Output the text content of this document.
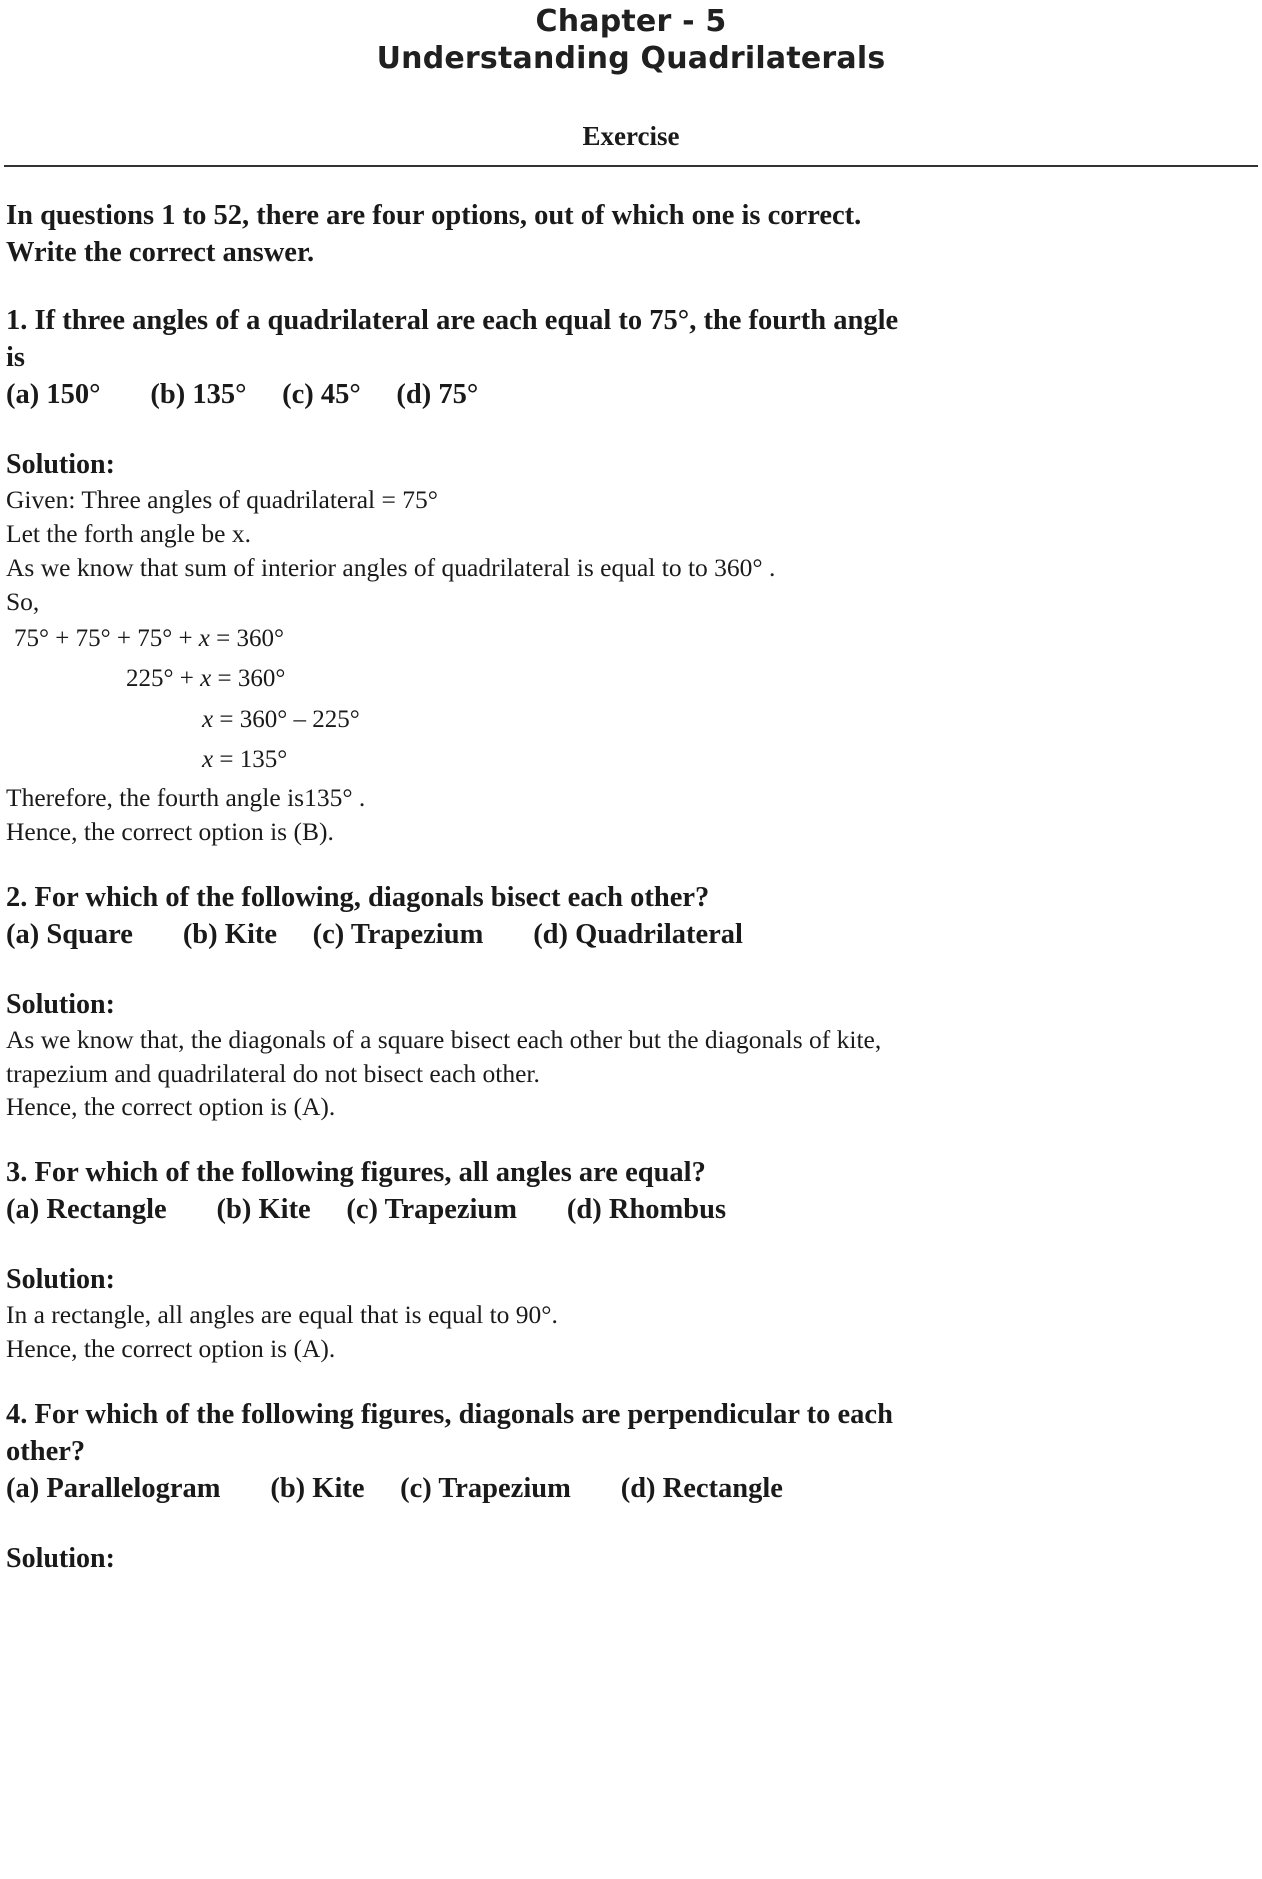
Chapter - 5
Understanding Quadrilaterals
Exercise
In questions 1 to 52, there are four options, out of which one is correct.
Write the correct answer.
1. If three angles of a quadrilateral are each equal to 75°, the fourth angle
is
(a) 150°   (b) 135°  (c) 45°  (d) 75°
Solution:
Given: Three angles of quadrilateral = 75°
Let the forth angle be x.
As we know that sum of interior angles of quadrilateral is equal to to 360° .
So,
75° + 75° + 75° + x = 360°
225° + x = 360°
x = 360° – 225°
x = 135°
Therefore, the fourth angle is135° .
Hence, the correct option is (B).
2. For which of the following, diagonals bisect each other?
(a) Square   (b) Kite  (c) Trapezium   (d) Quadrilateral
Solution:
As we know that, the diagonals of a square bisect each other but the diagonals of kite,
trapezium and quadrilateral do not bisect each other.
Hence, the correct option is (A).
3. For which of the following figures, all angles are equal?
(a) Rectangle   (b) Kite  (c) Trapezium   (d) Rhombus
Solution:
In a rectangle, all angles are equal that is equal to 90°.
Hence, the correct option is (A).
4. For which of the following figures, diagonals are perpendicular to each
other?
(a) Parallelogram   (b) Kite  (c) Trapezium   (d) Rectangle
Solution:
